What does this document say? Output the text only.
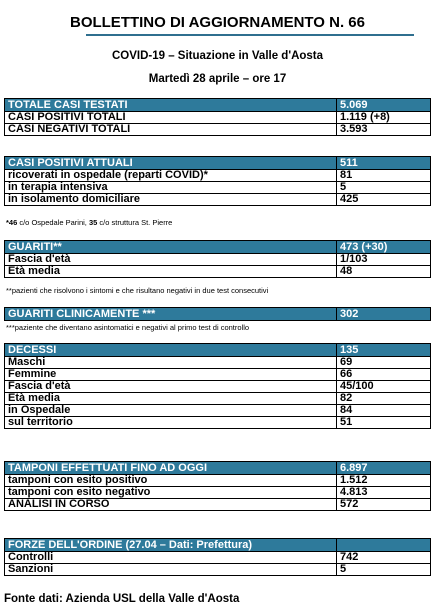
BOLLETTINO DI AGGIORNAMENTO N. 66
COVID-19 – Situazione in Valle d'Aosta
Martedì 28 aprile – ore 17
TOTALE CASI TESTATI	5.069
CASI POSITIVI TOTALI	1.119 (+8)
CASI NEGATIVI TOTALI	3.593
CASI POSITIVI ATTUALI	511
ricoverati in ospedale (reparti COVID)*	81
in terapia intensiva	5
in isolamento domiciliare	425
*46 c/o Ospedale Parini, 35 c/o struttura St. Pierre
GUARITI**	473 (+30)
Fascia d'età	1/103
Età media	48
**pazienti che risolvono i sintomi e che risultano negativi in due test consecutivi
GUARITI CLINICAMENTE ***	302
***paziente che diventano asintomatici e negativi al primo test di controllo
DECESSI	135
Maschi	69
Femmine	66
Fascia d'età	45/100
Età media	82
in Ospedale	84
sul territorio	51
TAMPONI EFFETTUATI FINO AD OGGI	6.897
tamponi con esito positivo	1.512
tamponi con esito negativo	4.813
ANALISI IN CORSO	572
FORZE DELL'ORDINE (27.04 – Dati: Prefettura)	
Controlli	742
Sanzioni	5
Fonte dati: Azienda USL della Valle d'Aosta
